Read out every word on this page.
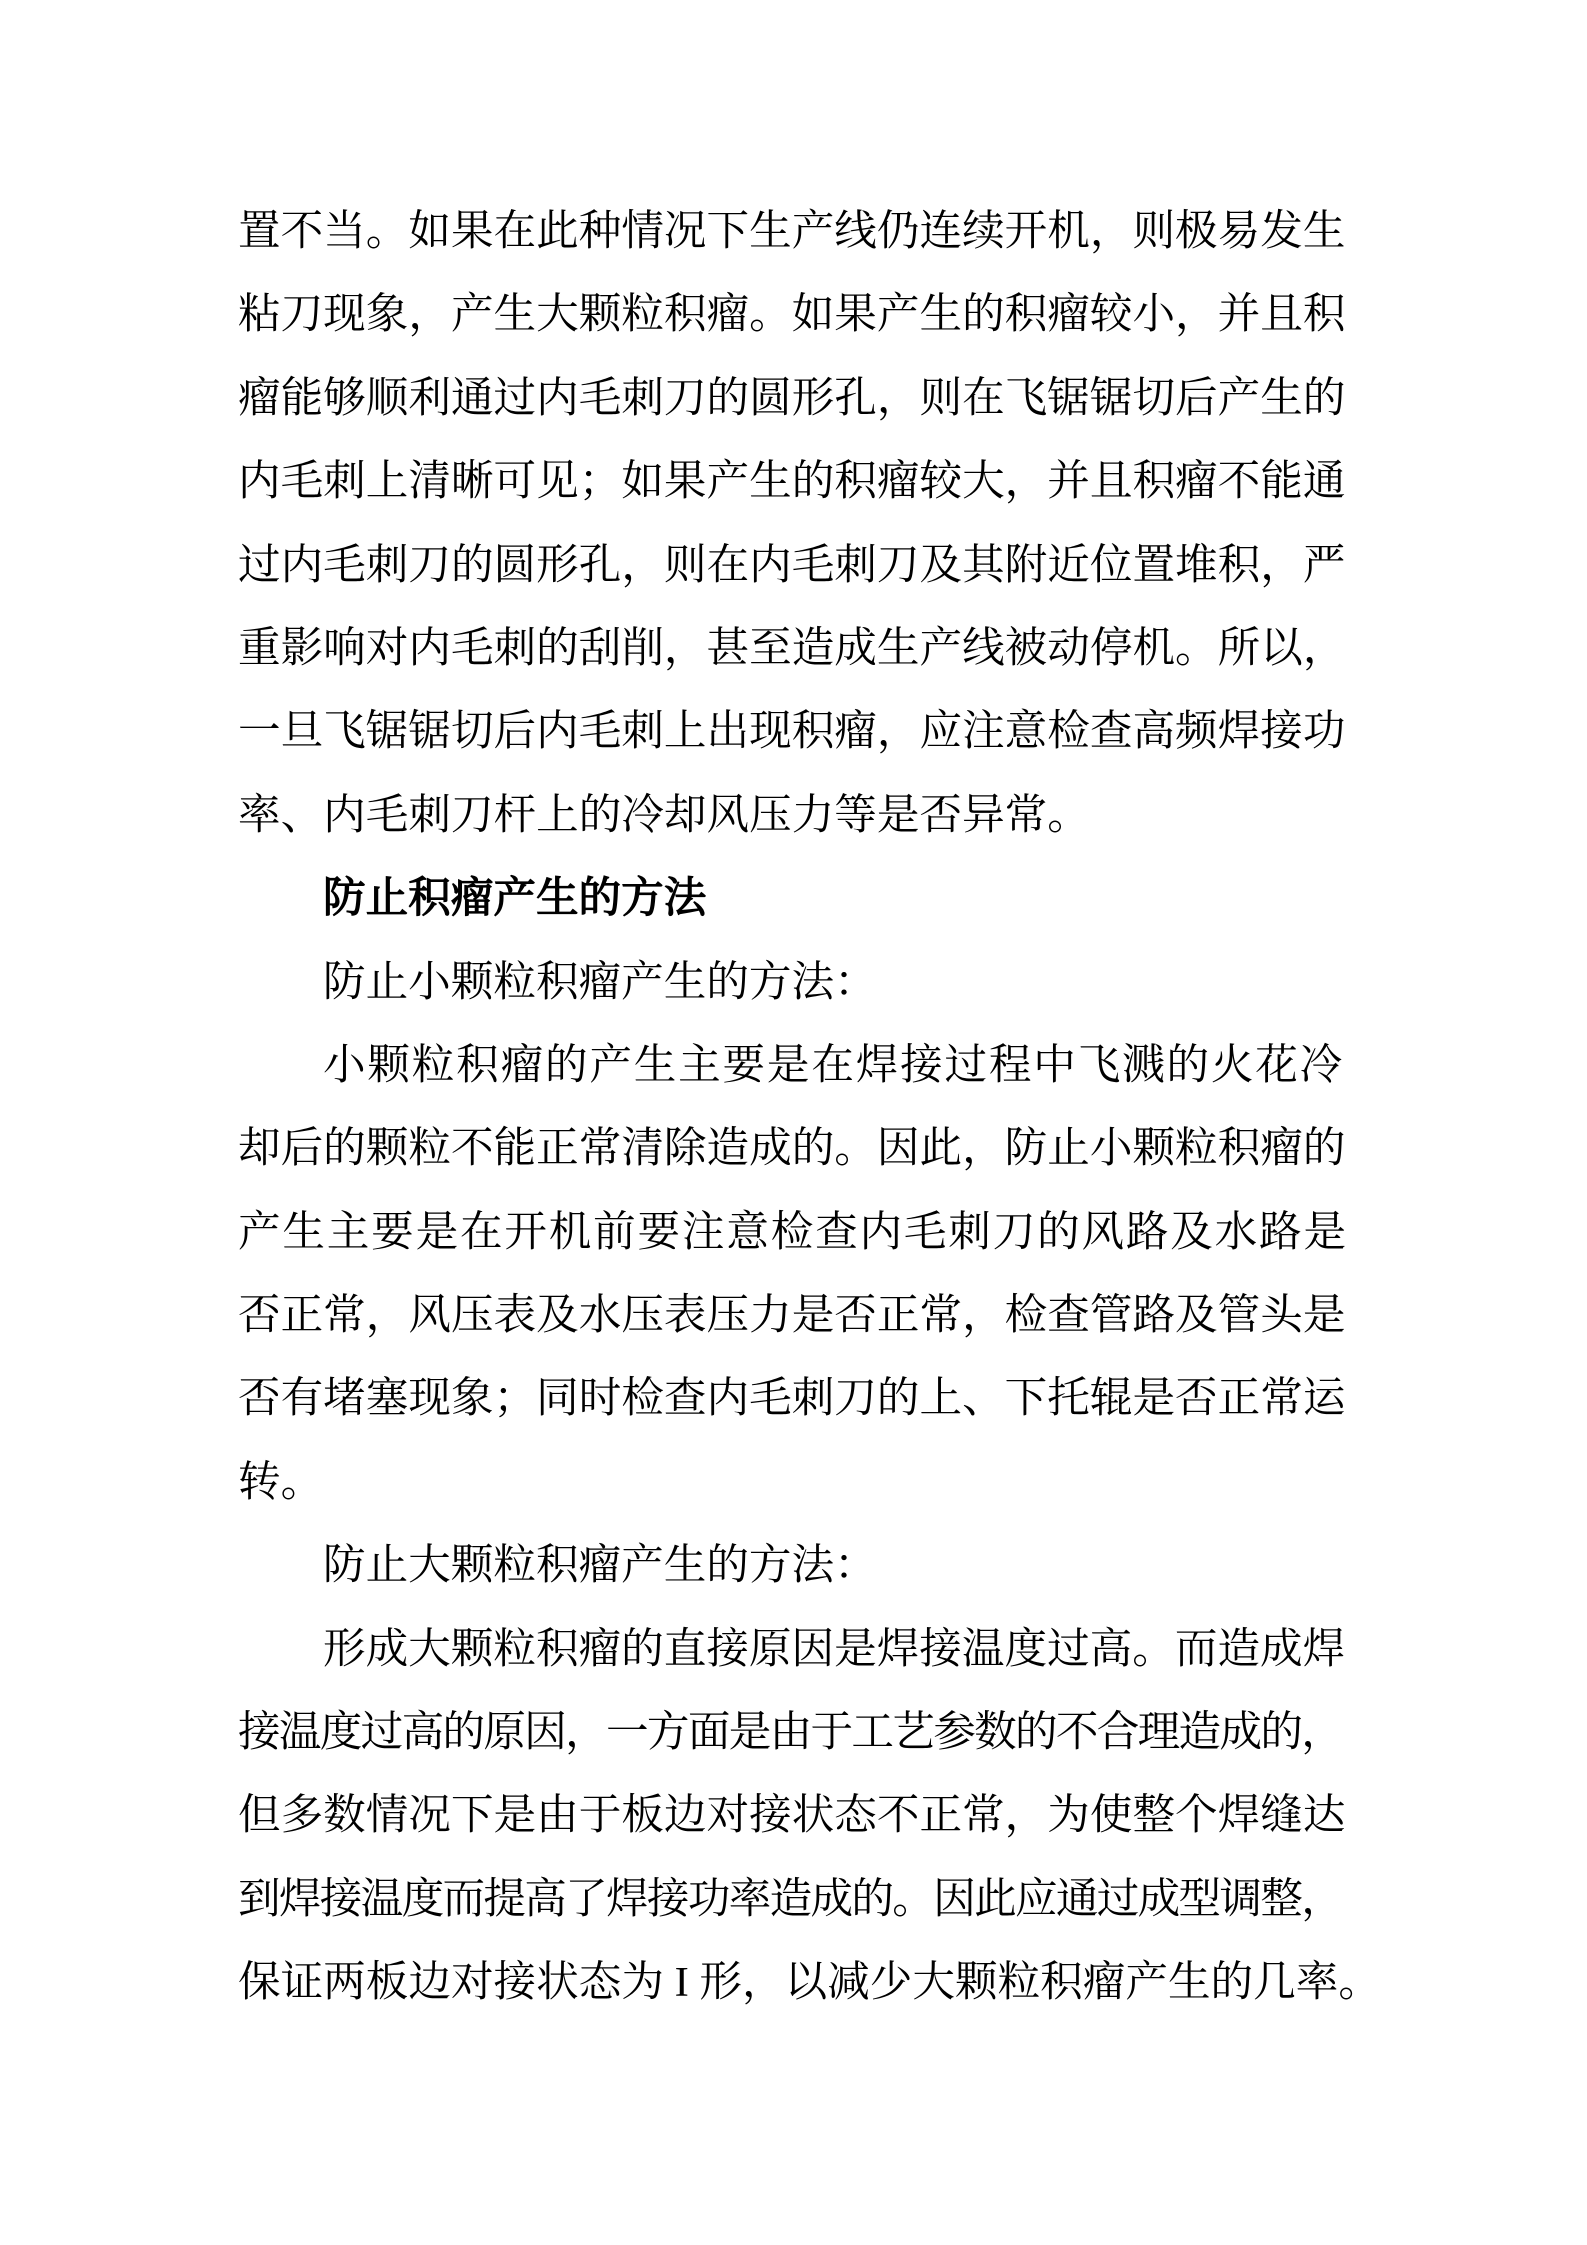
置不当。如果在此种情况下生产线仍连续开机，则极易发生
粘刀现象，产生大颗粒积瘤。如果产生的积瘤较小，并且积
瘤能够顺利通过内毛刺刀的圆形孔，则在飞锯锯切后产生的
内毛刺上清晰可见；如果产生的积瘤较大，并且积瘤不能通
过内毛刺刀的圆形孔，则在内毛刺刀及其附近位置堆积，严
重影响对内毛刺的刮削，甚至造成生产线被动停机。所以，
一旦飞锯锯切后内毛刺上出现积瘤，应注意检查高频焊接功
率、内毛刺刀杆上的冷却风压力等是否异常。
防止积瘤产生的方法
防止小颗粒积瘤产生的方法：
小颗粒积瘤的产生主要是在焊接过程中飞溅的火花冷
却后的颗粒不能正常清除造成的。因此，防止小颗粒积瘤的
产生主要是在开机前要注意检查内毛刺刀的风路及水路是
否正常，风压表及水压表压力是否正常，检查管路及管头是
否有堵塞现象；同时检查内毛刺刀的上、下托辊是否正常运
转。
防止大颗粒积瘤产生的方法：
形成大颗粒积瘤的直接原因是焊接温度过高。而造成焊
接温度过高的原因，一方面是由于工艺参数的不合理造成的，
但多数情况下是由于板边对接状态不正常，为使整个焊缝达
到焊接温度而提高了焊接功率造成的。因此应通过成型调整，
保证两板边对接状态为 I 形，以减少大颗粒积瘤产生的几率。
